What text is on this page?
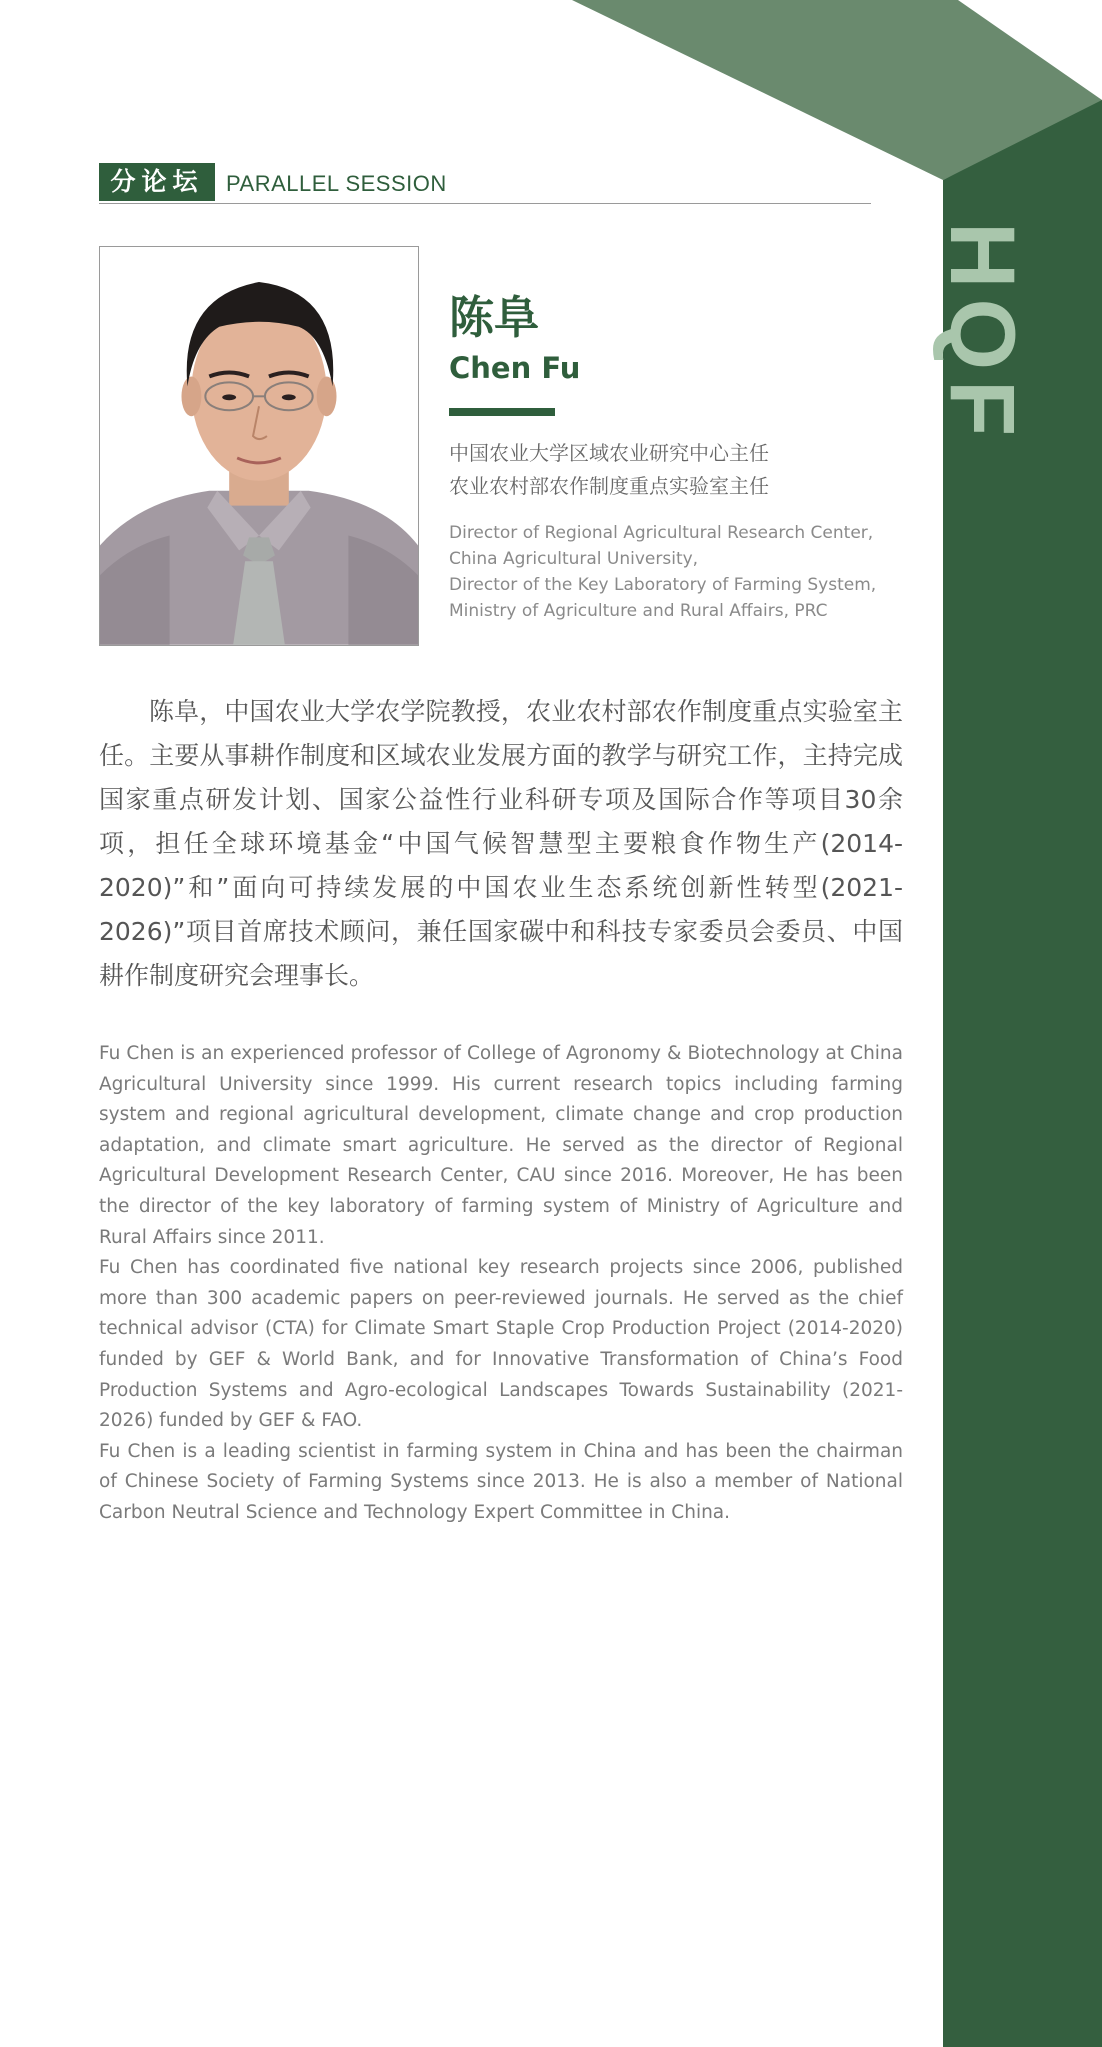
HQF
分论坛	PARALLEL SESSION
陈阜
Chen Fu
中国农业大学区域农业研究中心主任
农业农村部农作制度重点实验室主任
Director of Regional Agricultural Research Center,
China Agricultural University,
Director of the Key Laboratory of Farming System,
Ministry of Agriculture and Rural Affairs, PRC

陈阜，中国农业大学农学院教授，农业农村部农作制度重点实验室主任。主要从事耕作制度和区域农业发展方面的教学与研究工作，主持完成国家重点研发计划、国家公益性行业科研专项及国际合作等项目30余项，担任全球环境基金“中国气候智慧型主要粮食作物生产(2014-2020)”和”面向可持续发展的中国农业生态系统创新性转型(2021-2026)”项目首席技术顾问，兼任国家碳中和科技专家委员会委员、中国耕作制度研究会理事长。

Fu Chen is an experienced professor of College of Agronomy & Biotechnology at China Agricultural University since 1999. His current research topics including farming system and regional agricultural development, climate change and crop production adaptation, and climate smart agriculture. He served as the director of Regional Agricultural Development Research Center, CAU since 2016. Moreover, He has been the director of the key laboratory of farming system of Ministry of Agriculture and Rural Affairs since 2011.

Fu Chen has coordinated five national key research projects since 2006, published more than 300 academic papers on peer-reviewed journals. He served as the chief technical advisor (CTA) for Climate Smart Staple Crop Production Project (2014-2020) funded by GEF & World Bank, and for Innovative Transformation of China’s Food Production Systems and Agro-ecological Landscapes Towards Sustainability (2021-2026) funded by GEF & FAO.

Fu Chen is a leading scientist in farming system in China and has been the chairman of Chinese Society of Farming Systems since 2013. He is also a member of National Carbon Neutral Science and Technology Expert Committee in China.
